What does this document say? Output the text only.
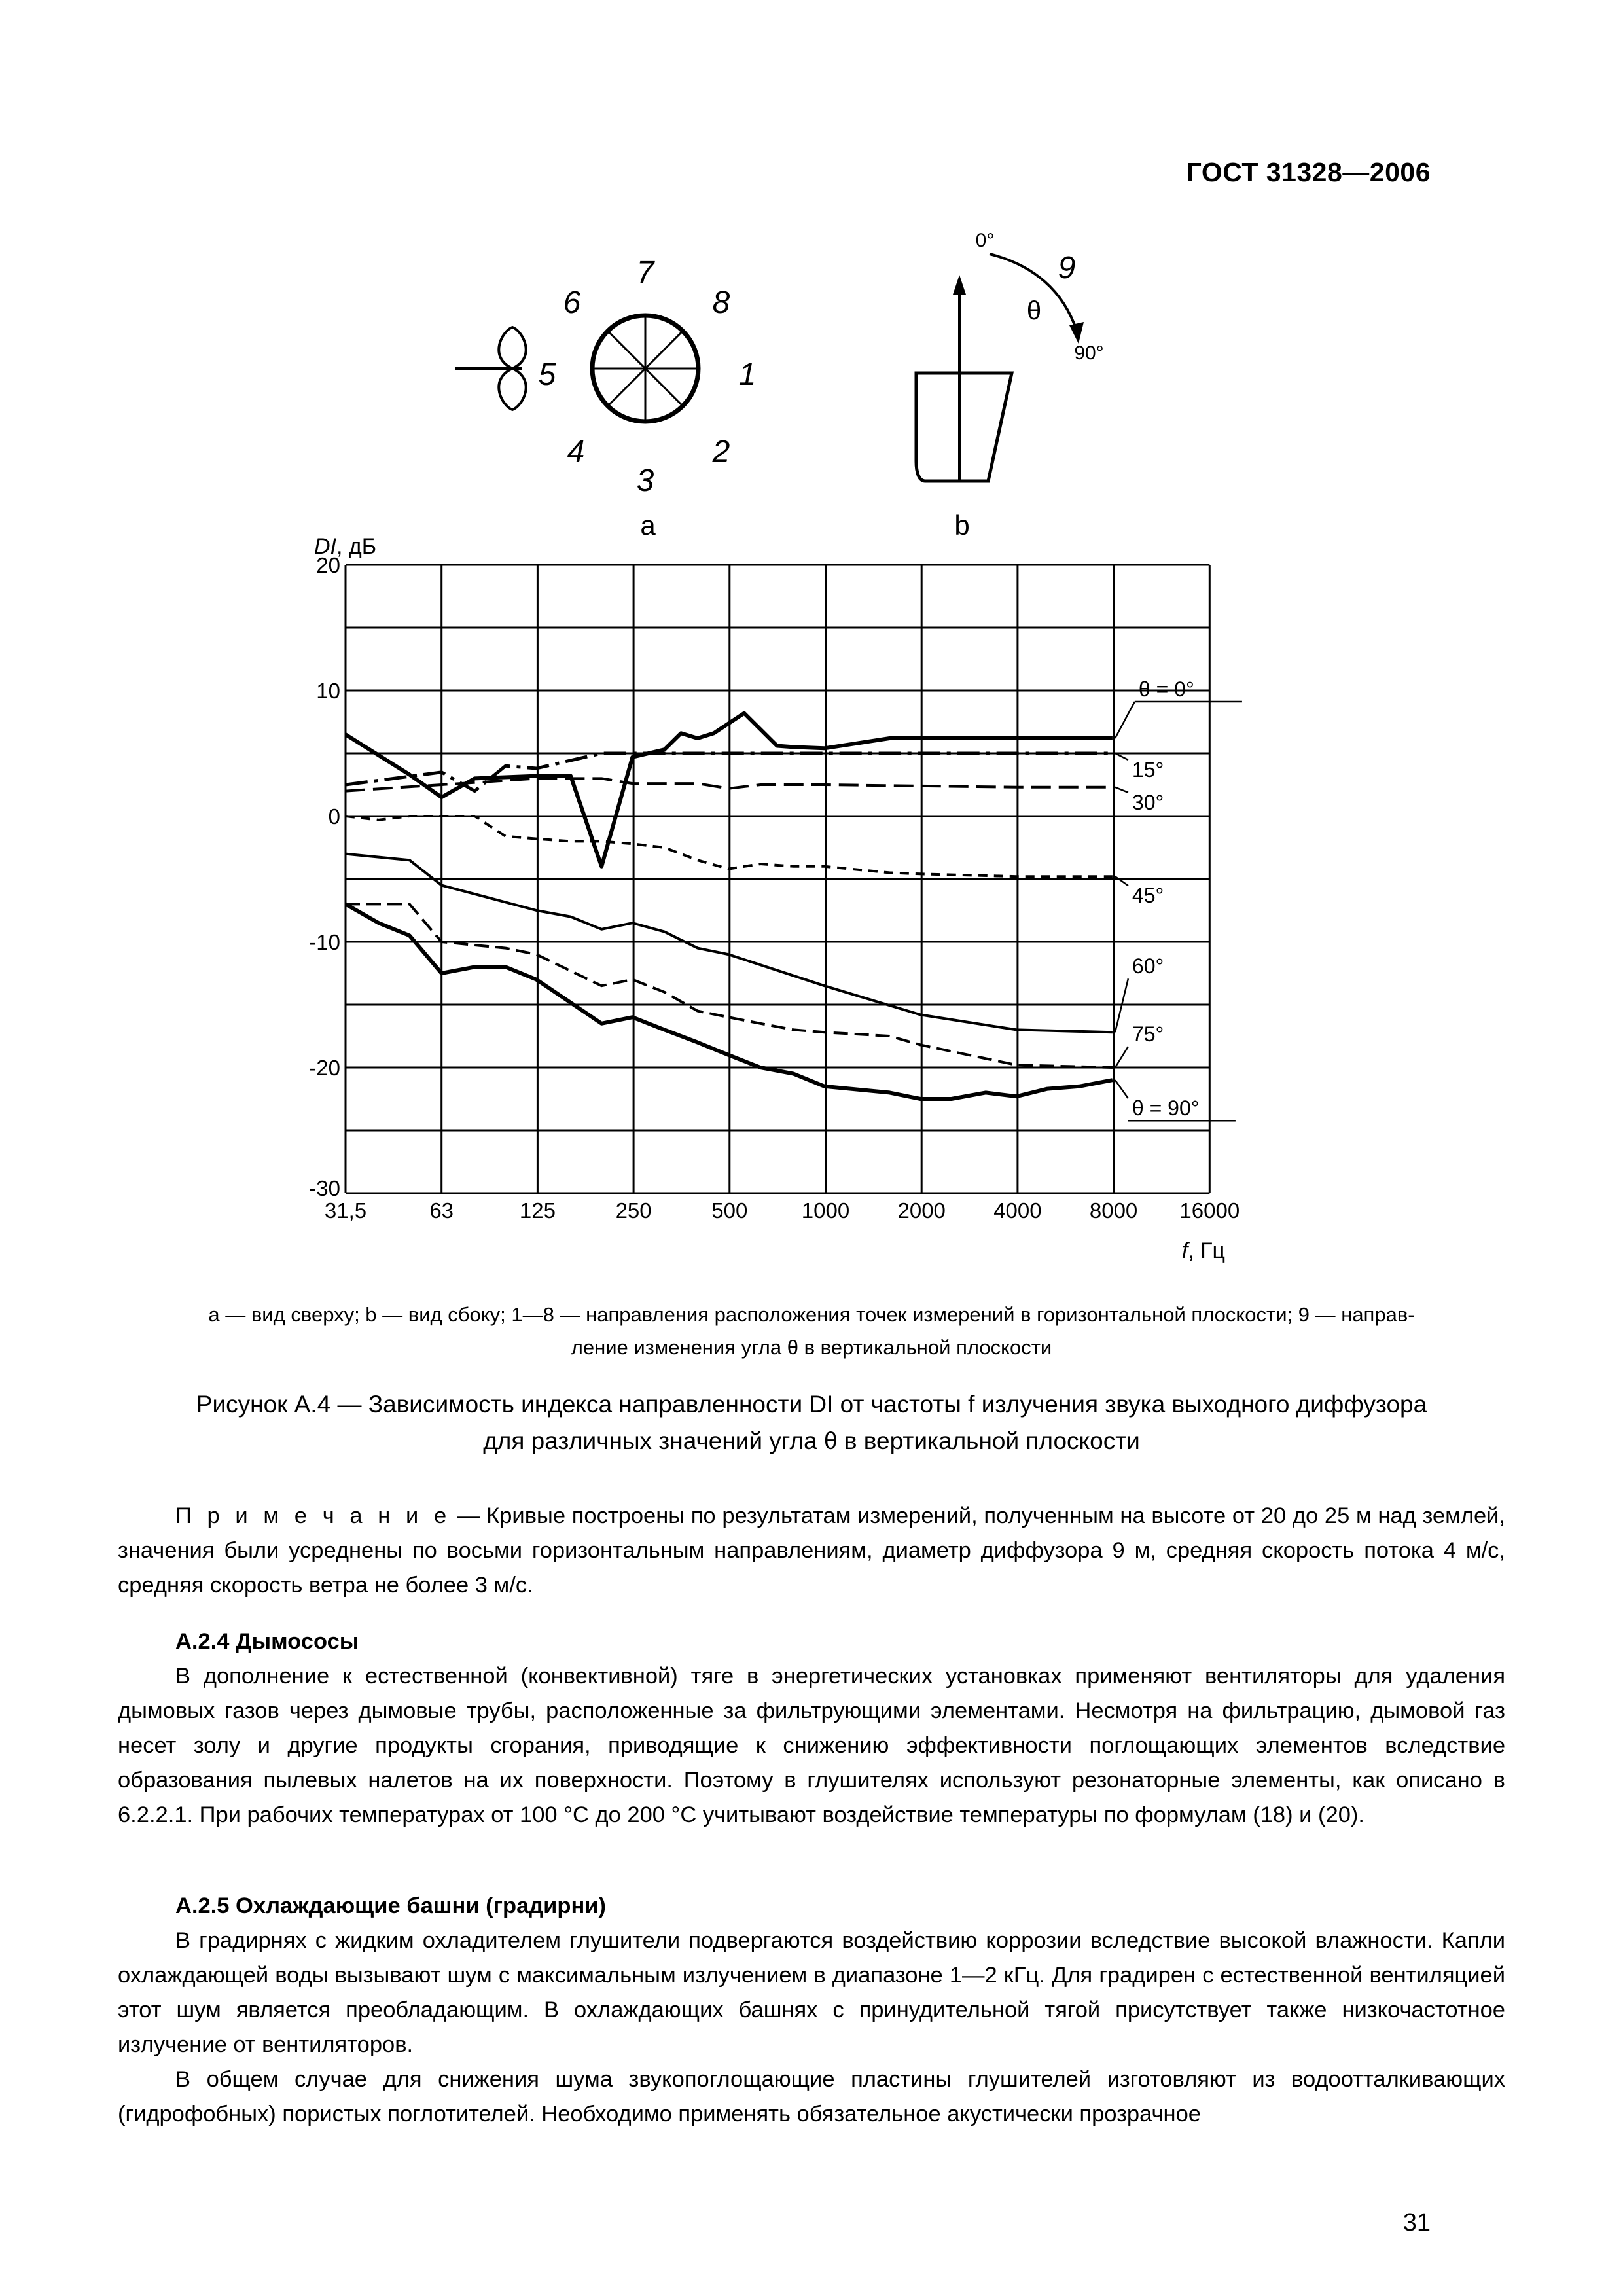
ГОСТ 31328—2006
7
6	8
5	1
4	2
3
a
0°
90°
θ
9
b
DI, дБ
f, Гц
31,5	63	125	250	500 1000 2000 4000 8000 16000
20
10
0
-10
-20
-30
θ = 0°
15°
30°
45°
60°
75°
θ = 90°
a — вид сверху; b — вид сбоку; 1—8 — направления расположения точек измерений в горизонтальной плоскости; 9 — направ-
ление изменения угла θ в вертикальной плоскости
Рисунок А.4 — Зависимость индекса направленности DI от частоты f излучения звука выходного диффузора
для различных значений угла θ в вертикальной плоскости

П р и м е ч а н и е — Кривые построены по результатам измерений, полученным на высоте от 20 до 25 м над землей, значения были усреднены по восьми горизонтальным направлениям, диаметр диффузора 9 м, средняя скорость потока 4 м/с, средняя скорость ветра не более 3 м/с.

А.2.4 Дымососы

В дополнение к естественной (конвективной) тяге в энергетических установках применяют вентиляторы для удаления дымовых газов через дымовые трубы, расположенные за фильтрующими элементами. Несмотря на фильтрацию, дымовой газ несет золу и другие продукты сгорания, приводящие к снижению эффективности поглощающих элементов вследствие образования пылевых налетов на их поверхности. Поэтому в глушителях используют резонаторные элементы, как описано в 6.2.2.1. При рабочих температурах от 100 °С до 200 °С учитывают воздействие температуры по формулам (18) и (20).

А.2.5 Охлаждающие башни (градирни)

В градирнях с жидким охладителем глушители подвергаются воздействию коррозии вследствие высокой влажности. Капли охлаждающей воды вызывают шум с максимальным излучением в диапазоне 1—2 кГц. Для градирен с естественной вентиляцией этот шум является преобладающим. В охлаждающих башнях с принудительной тягой присутствует также низкочастотное излучение от вентиляторов.

В общем случае для снижения шума звукопоглощающие пластины глушителей изготовляют из водоотталкивающих (гидрофобных) пористых поглотителей. Необходимо применять обязательное акустически прозрачное

31
